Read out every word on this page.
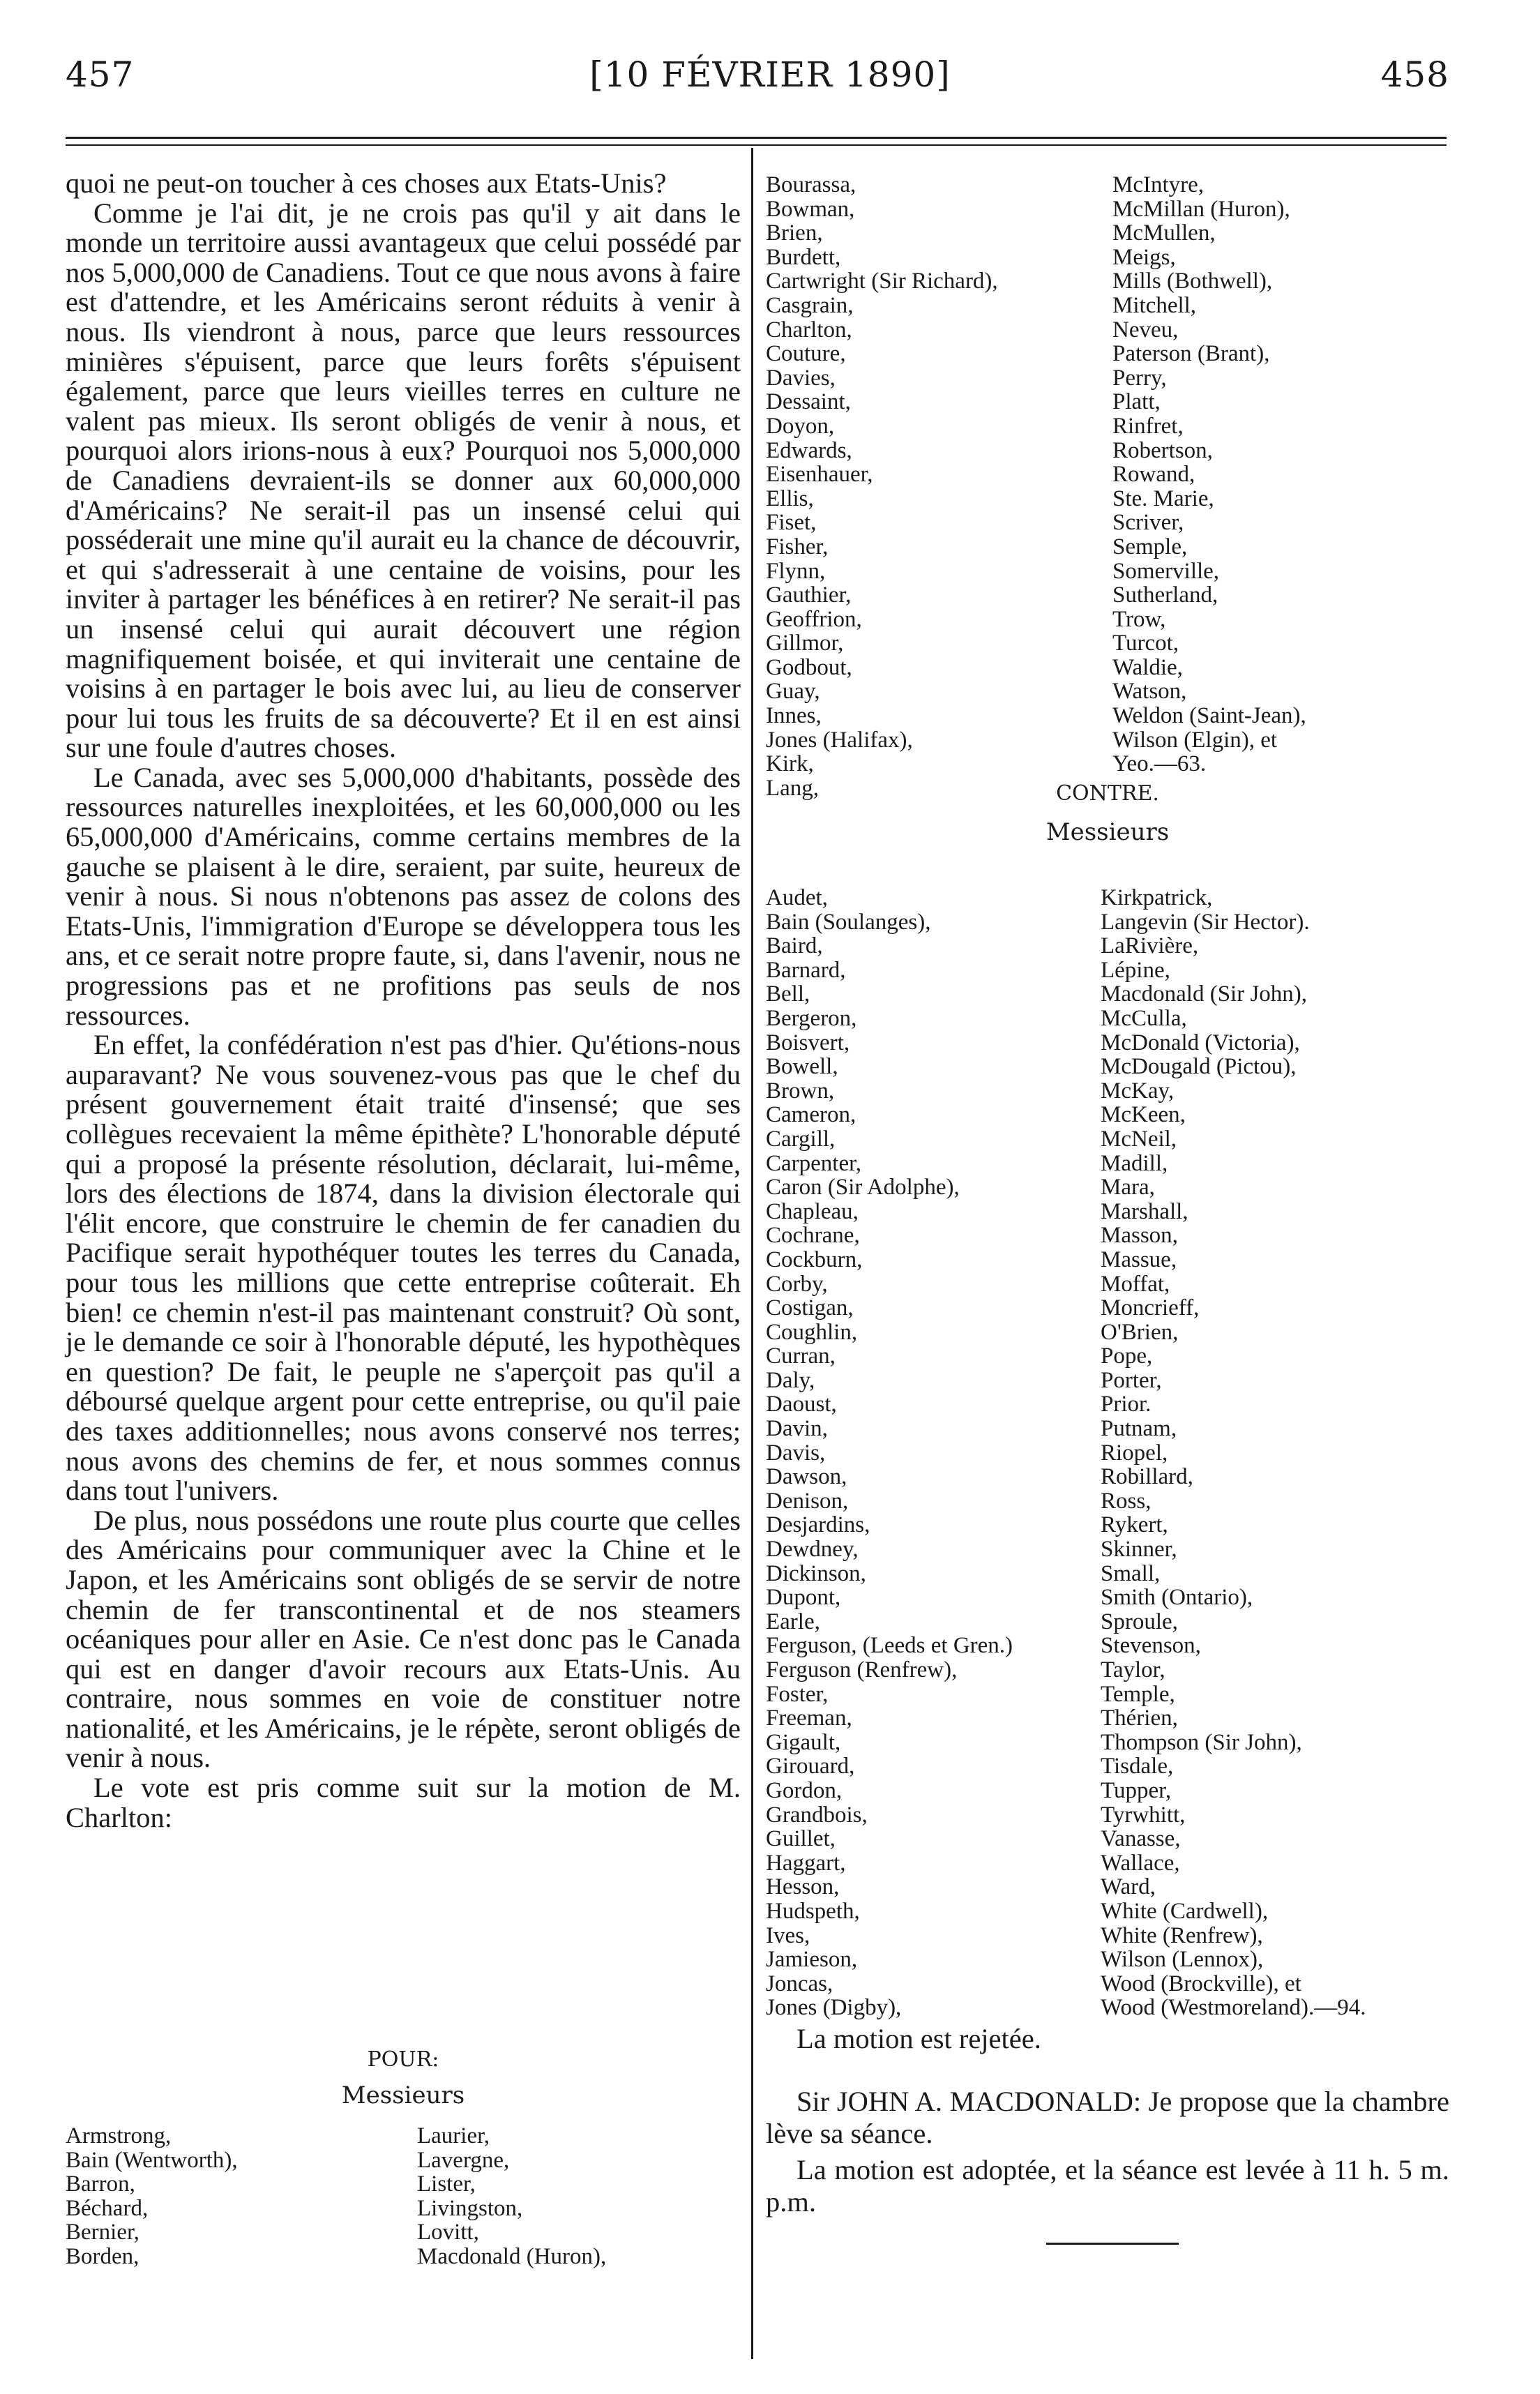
457	[10 FÉVRIER 1890]	458

quoi ne peut-on toucher à ces choses aux Etats-Unis?

Comme je l'ai dit, je ne crois pas qu'il y ait dans le monde un territoire aussi avantageux que celui possédé par nos 5,000,000 de Canadiens. Tout ce que nous avons à faire est d'attendre, et les Américains seront réduits à venir à nous. Ils viendront à nous, parce que leurs ressources minières s'épuisent, parce que leurs forêts s'épuisent également, parce que leurs vieilles terres en culture ne valent pas mieux. Ils seront obligés de venir à nous, et pourquoi alors irions-nous à eux? Pourquoi nos 5,000,000 de Canadiens devraient-ils se donner aux 60,000,000 d'Américains? Ne serait-il pas un insensé celui qui posséderait une mine qu'il aurait eu la chance de découvrir, et qui s'adresserait à une centaine de voisins, pour les inviter à partager les bénéfices à en retirer? Ne serait-il pas un insensé celui qui aurait découvert une région magnifiquement boisée, et qui inviterait une centaine de voisins à en partager le bois avec lui, au lieu de conserver pour lui tous les fruits de sa découverte? Et il en est ainsi sur une foule d'autres choses.

Le Canada, avec ses 5,000,000 d'habitants, possède des ressources naturelles inexploitées, et les 60,000,000 ou les 65,000,000 d'Américains, comme certains membres de la gauche se plaisent à le dire, seraient, par suite, heureux de venir à nous. Si nous n'obtenons pas assez de colons des Etats-Unis, l'immigration d'Europe se développera tous les ans, et ce serait notre propre faute, si, dans l'avenir, nous ne progressions pas et ne profitions pas seuls de nos ressources.

En effet, la confédération n'est pas d'hier. Qu'étions-nous auparavant? Ne vous souvenez-vous pas que le chef du présent gouvernement était traité d'insensé; que ses collègues recevaient la même épithète? L'honorable député qui a proposé la présente résolution, déclarait, lui-même, lors des élections de 1874, dans la division électorale qui l'élit encore, que construire le chemin de fer canadien du Pacifique serait hypothéquer toutes les terres du Canada, pour tous les millions que cette entreprise coûterait. Eh bien! ce chemin n'est-il pas maintenant construit? Où sont, je le demande ce soir à l'honorable député, les hypothèques en question? De fait, le peuple ne s'aperçoit pas qu'il a déboursé quelque argent pour cette entreprise, ou qu'il paie des taxes additionnelles; nous avons conservé nos terres; nous avons des chemins de fer, et nous sommes connus dans tout l'univers.

De plus, nous possédons une route plus courte que celles des Américains pour communiquer avec la Chine et le Japon, et les Américains sont obligés de se servir de notre chemin de fer transcontinental et de nos steamers océaniques pour aller en Asie. Ce n'est donc pas le Canada qui est en danger d'avoir recours aux Etats-Unis. Au contraire, nous sommes en voie de constituer notre nationalité, et les Américains, je le répète, seront obligés de venir à nous.

Le vote est pris comme suit sur la motion de M. Charlton:

POUR:

Messieurs

Armstrong,
Bain (Wentworth),
Barron,
Béchard,
Bernier,
Borden,
Laurier,
Lavergne,
Lister,
Livingston,
Lovitt,
Macdonald (Huron),
Bourassa,
Bowman,
Brien,
Burdett,
Cartwright (Sir Richard),
Casgrain,
Charlton,
Couture,
Davies,
Dessaint,
Doyon,
Edwards,
Eisenhauer,
Ellis,
Fiset,
Fisher,
Flynn,
Gauthier,
Geoffrion,
Gillmor,
Godbout,
Guay,
Innes,
Jones (Halifax),
Kirk,
Lang,
McIntyre,
McMillan (Huron),
McMullen,
Meigs,
Mills (Bothwell),
Mitchell,
Neveu,
Paterson (Brant),
Perry,
Platt,
Rinfret,
Robertson,
Rowand,
Ste. Marie,
Scriver,
Semple,
Somerville,
Sutherland,
Trow,
Turcot,
Waldie,
Watson,
Weldon (Saint-Jean),
Wilson (Elgin), et
Yeo.—63.

CONTRE.

Messieurs

Audet,
Bain (Soulanges),
Baird,
Barnard,
Bell,
Bergeron,
Boisvert,
Bowell,
Brown,
Cameron,
Cargill,
Carpenter,
Caron (Sir Adolphe),
Chapleau,
Cochrane,
Cockburn,
Corby,
Costigan,
Coughlin,
Curran,
Daly,
Daoust,
Davin,
Davis,
Dawson,
Denison,
Desjardins,
Dewdney,
Dickinson,
Dupont,
Earle,
Ferguson, (Leeds et Gren.)
Ferguson (Renfrew),
Foster,
Freeman,
Gigault,
Girouard,
Gordon,
Grandbois,
Guillet,
Haggart,
Hesson,
Hudspeth,
Ives,
Jamieson,
Joncas,
Jones (Digby),
Kirkpatrick,
Langevin (Sir Hector).
LaRivière,
Lépine,
Macdonald (Sir John),
McCulla,
McDonald (Victoria),
McDougald (Pictou),
McKay,
McKeen,
McNeil,
Madill,
Mara,
Marshall,
Masson,
Massue,
Moffat,
Moncrieff,
O'Brien,
Pope,
Porter,
Prior.
Putnam,
Riopel,
Robillard,
Ross,
Rykert,
Skinner,
Small,
Smith (Ontario),
Sproule,
Stevenson,
Taylor,
Temple,
Thérien,
Thompson (Sir John),
Tisdale,
Tupper,
Tyrwhitt,
Vanasse,
Wallace,
Ward,
White (Cardwell),
White (Renfrew),
Wilson (Lennox),
Wood (Brockville), et
Wood (Westmoreland).—94.

La motion est rejetée.

Sir JOHN A. MACDONALD: Je propose que la chambre lève sa séance.

La motion est adoptée, et la séance est levée à 11 h. 5 m. p.m.
